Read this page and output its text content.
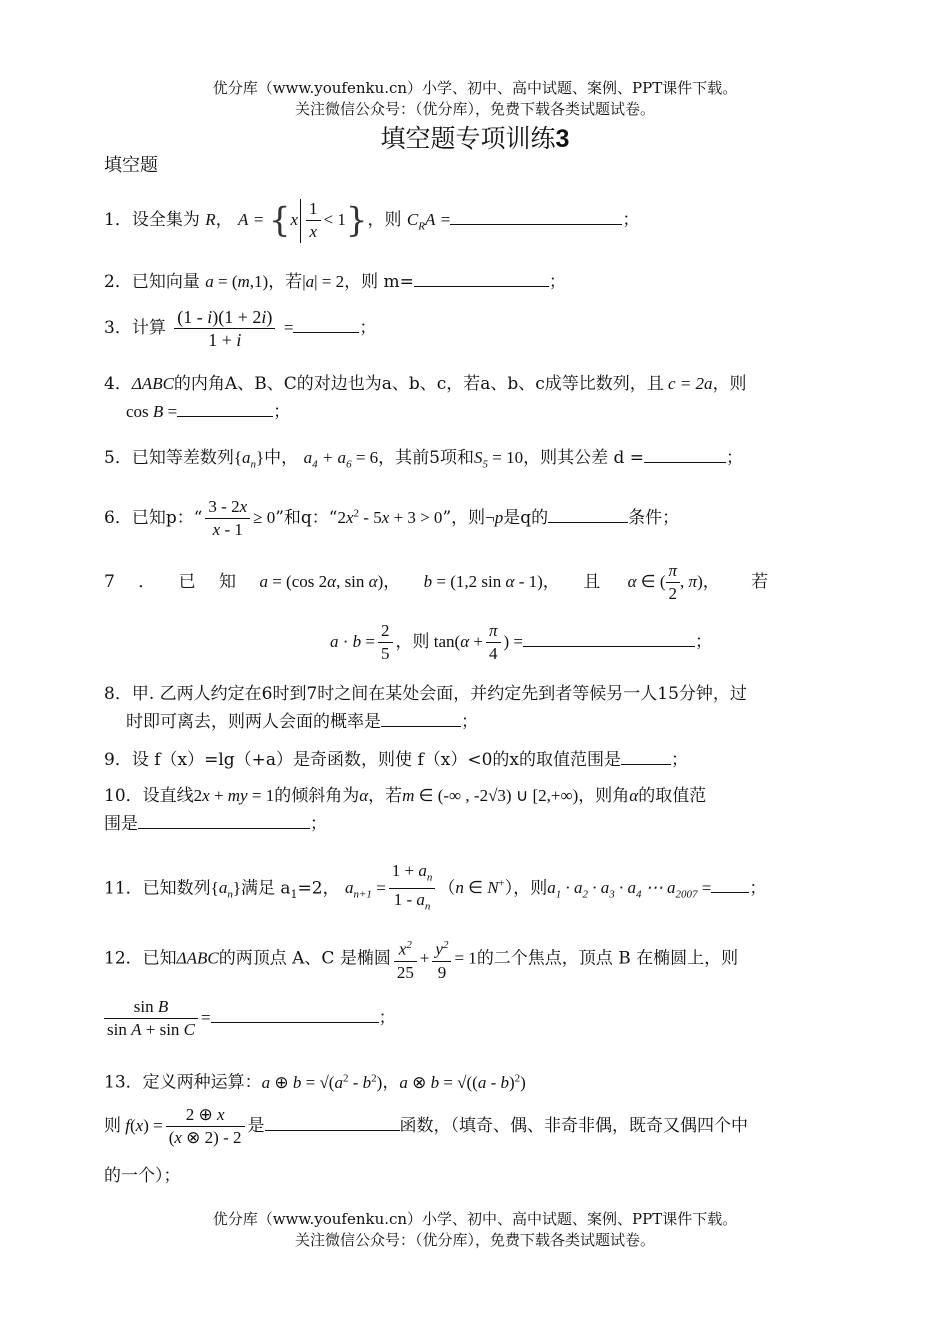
优分库（www.youfenku.cn）小学、初中、高中试题、案例、PPT课件下载。
关注微信公众号：（优分库），免费下载各类试题试卷。
填空题专项训练3
填空题
1．设全集为 R， $A = \{x \frac{1}{x} < 1\}$，则 $C_RA$ =	；
2．已知向量 a = (m,1)，若|a| = 2，则 m=	；
3．计算 $\frac{(1 - i)(1 + 2i)}{1 + i}$ =	；
4．ΔABC的内角A、B、C的对边也为a、b、c，若a、b、c成等比数列，且 c = 2a，则
cos B =	；
5．已知等差数列$\{a_n\}$中， $a_4 + a_6 = 6$，其前5项和$S_5 = 10$，则其公差 d =	；
6．已知p：“ $\frac{3 - 2x}{x - 1} \ge 0$”和q：“$2x^2 - 5x + 3 > 0$”，则¬p是q的	条件；
7 ． 已 知 a = (cos 2α, sin α)， b = (1,2 sin α - 1)， 且 α ∈ ( $\frac{\pi}{2}$ , π)， 若
$a \cdot b = \frac{2}{5}$ ，则 $\tan(\alpha + \frac{\pi}{4}$ ) =	；
8．甲. 乙两人约定在6时到7时之间在某处会面，并约定先到者等候另一人15分钟，过
时即可离去，则两人会面的概率是	；
9．设 f（x）=lg（+a）是奇函数，则使 f（x）<0的x的取值范围是	；
10．设直线2x + my = 1的倾斜角为α，若m ∈ (-∞ , -2√3) ∪ [2,+∞)，则角α的取值范
围是	；
11．已知数列$\{a_n\}$满足 $a_1=2$， $a_{n+1} = \frac{1 + a_n}{1 - a_n} (n$ ∈ N+），则$a_1 \cdot a_2 \cdot a_3 \cdot a_4$ ⋯ $a_{2007}$ = ；
12．已知ΔABC的两顶点 A、C 是椭圆 $\frac{x^2}{25} + \frac{y^2}{9} = 1$的二个焦点，顶点 B 在椭圆上，则
$\frac{\text{sin B}}{\text{sin A + sin C}}$ =	；
13．定义两种运算：a ⊕ $b = √(a^2 - b^2)$，a ⊗ b = √((a - b)$^2$)
则 $f(x) = \frac{2 \oplus x}{(x \otimes 2) - 2}$ 是	函数，（填奇、偶、非奇非偶，既奇又偶四个中
的一个）；
优分库（www.youfenku.cn）小学、初中、高中试题、案例、PPT课件下载。
关注微信公众号：（优分库），免费下载各类试题试卷。
